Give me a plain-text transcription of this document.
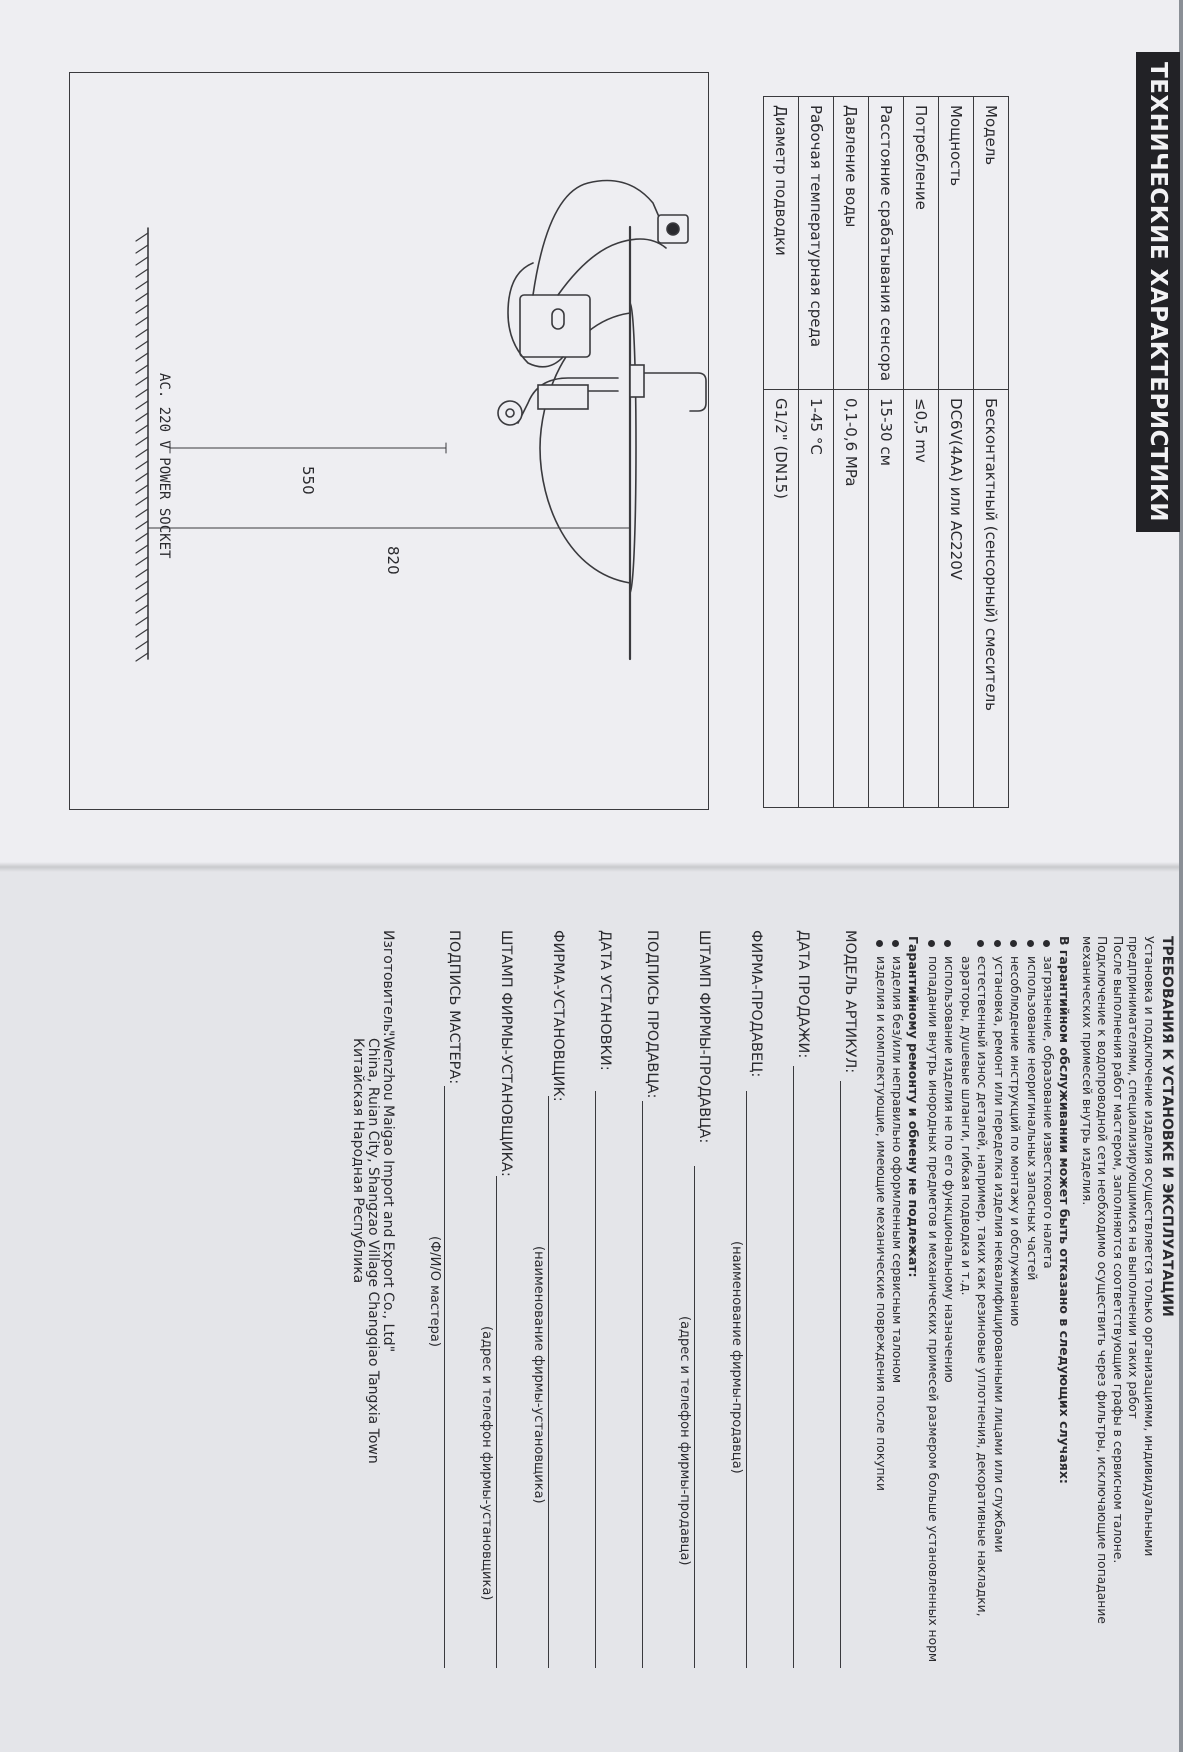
ТЕХНИЧЕСКИЕ ХАРАКТЕРИСТИКИ
Модель	Бесконтактный (сенсорный) смеситель
Мощность	DC6V(4AA) или AC220V
Потребление	≤0,5 mv
Расстояние срабатывания сенсора	15-30 см
Давление воды	0,1-0,6 MPa
Рабочая температурная среда	1-45 °С
Диаметр подводки	G1/2" (DN15)
AC. 220 V POWER SOCKET	550
820
ТРЕБОВАНИЯ К УСТАНОВКЕ И ЭКСПЛУАТАЦИИ
Установка и подключение изделия осуществляется только организациями, индивидуальными
предпринимателями, специализирующимися на выполнении таких работ
После выполнения работ мастером, заполняются соответствующие графы в сервисном талоне.
Подключение к водопроводной сети необходимо осуществить через фильтры, исключающие попадание
механических примесей внутрь изделия.
В гарантийном обслуживании может быть отказано в следующих случаях:
загрязнение, образование известкового налета
использование неоригинальных запасных частей
несоблюдение инструкций по монтажу и обслуживанию
установка, ремонт или переделка изделия неквалифицированными лицами или службами
естественный износ деталей, например, таких как резиновые уплотнения, декоративные накладки,
аэраторы, душевые шланги, гибкая подводка и т.д.
использование изделия не по его функциональному назначению
попадании внутрь инородных предметов и механических примесей размером больше установленных норм
Гарантийному ремонту и обмену не подлежат:
изделия без/или неправильно оформленным сервисным талоном
изделия и комплектующие, имеющие механические повреждения после покупки
МОДЕЛЬ АРТИКУЛ:
ДАТА ПРОДАЖИ:
ФИРМА-ПРОДАВЕЦ:
(наименование фирмы-продавца)
ШТАМП ФИРМЫ-ПРОДАВЦА:
(адрес и телефон фирмы-продавца)
ПОДПИСЬ ПРОДАВЦА:
ДАТА УСТАНОВКИ:
ФИРМА-УСТАНОВЩИК:
(наименование фирмы-установщика)
ШТАМП ФИРМЫ-УСТАНОВЩИКА:
(адрес и телефон фирмы-установщика)
ПОДПИСЬ МАСТЕРА:
(Ф/И/О мастера)
Изготовитель:
"Wenzhou Maigao Import and Export Co., Ltd"
China, Ruian City, Shangzao Village Changqiao Tangxia Town
Китайская Народная Республика
